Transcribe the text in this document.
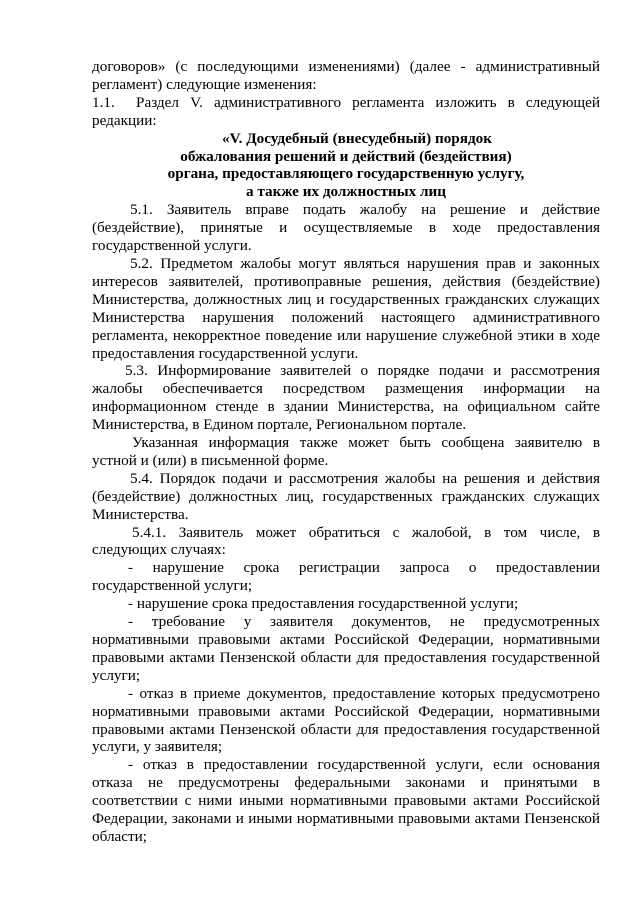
договоров» (с последующими изменениями) (далее - административный регламент) следующие изменения:

1.1. Раздел V. административного регламента изложить в следующей редакции:

«V. Досудебный (внесудебный) порядок

обжалования решений и действий (бездействия)

органа, предоставляющего государственную услугу,

а также их должностных лиц

5.1. Заявитель вправе подать жалобу на решение и действие (бездействие), принятые и осуществляемые в ходе предоставления государственной услуги.

5.2. Предметом жалобы могут являться нарушения прав и законных интересов заявителей, противоправные решения, действия (бездействие) Министерства, должностных лиц и государственных гражданских служащих Министерства нарушения положений настоящего административного регламента, некорректное поведение или нарушение служебной этики в ходе предоставления государственной услуги.

5.3. Информирование заявителей о порядке подачи и рассмотрения жалобы обеспечивается посредством размещения информации на информационном стенде в здании Министерства, на официальном сайте Министерства, в Едином портале, Региональном портале.

Указанная информация также может быть сообщена заявителю в устной и (или) в письменной форме.

5.4. Порядок подачи и рассмотрения жалобы на решения и действия (бездействие) должностных лиц, государственных гражданских служащих Министерства.

5.4.1. Заявитель может обратиться с жалобой, в том числе, в следующих случаях:

- нарушение срока регистрации запроса о предоставлении государственной услуги;

- нарушение срока предоставления государственной услуги;

- требование у заявителя документов, не предусмотренных нормативными правовыми актами Российской Федерации, нормативными правовыми актами Пензенской области для предоставления государственной услуги;

- отказ в приеме документов, предоставление которых предусмотрено нормативными правовыми актами Российской Федерации, нормативными правовыми актами Пензенской области для предоставления государственной услуги, у заявителя;

- отказ в предоставлении государственной услуги, если основания отказа не предусмотрены федеральными законами и принятыми в соответствии с ними иными нормативными правовыми актами Российской Федерации, законами и иными нормативными правовыми актами Пензенской области;
